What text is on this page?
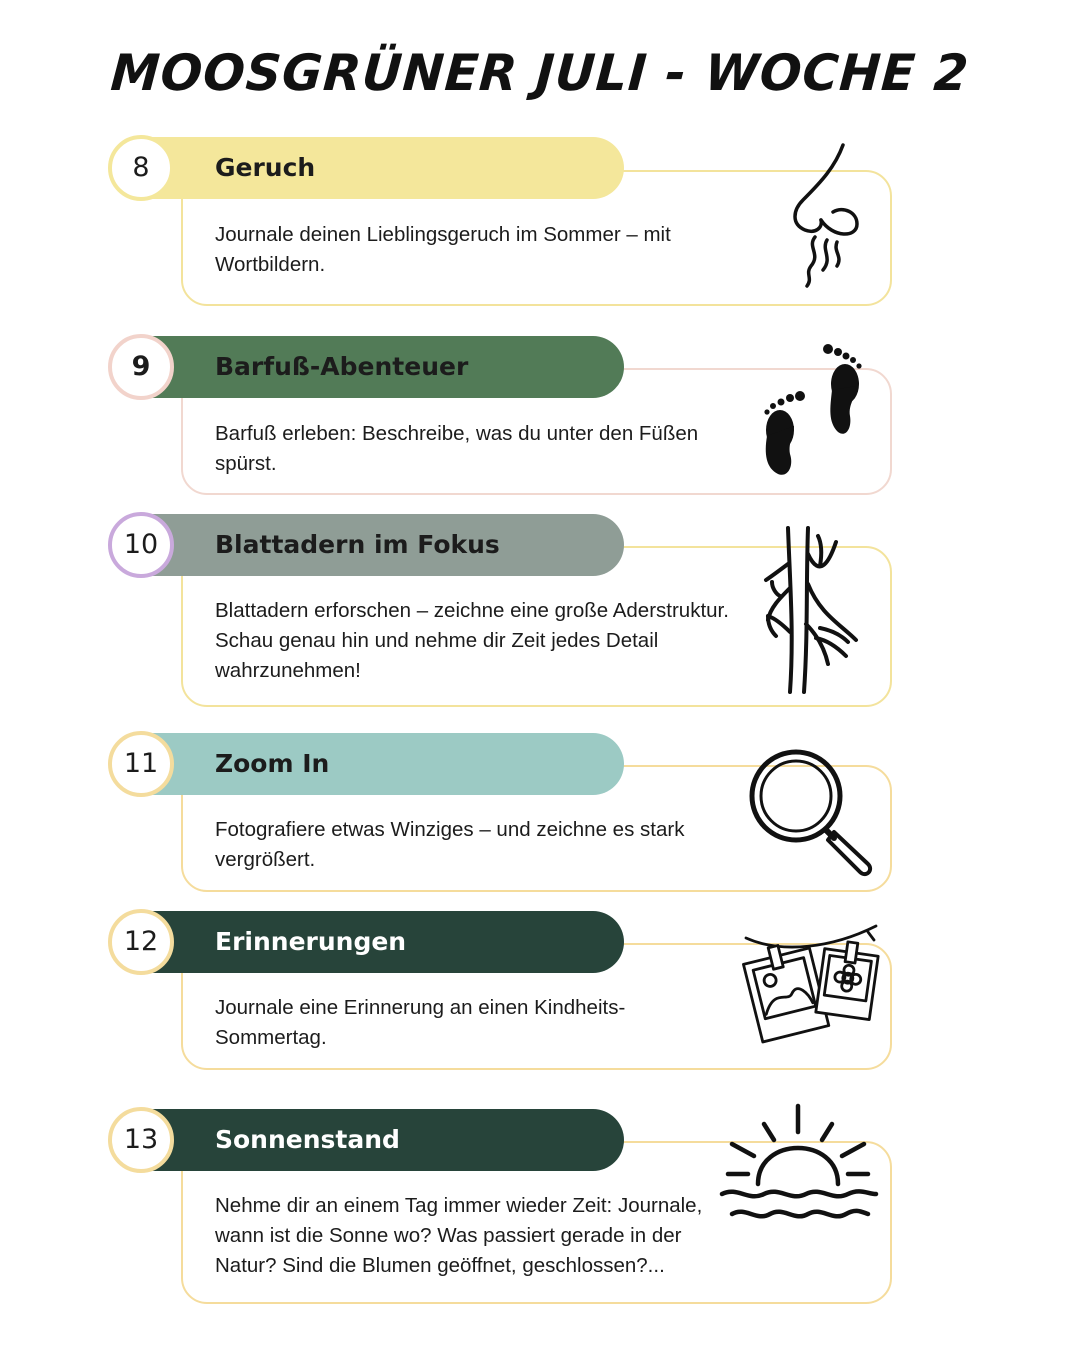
MOOSGRÜNER JULI - WOCHE 2
Geruch
8
Journale deinen Lieblingsgeruch im Sommer – mit Wortbildern.
Barfuß-Abenteuer
9
Barfuß erleben: Beschreibe, was du unter den Füßen spürst.
Blattadern im Fokus
10
Blattadern erforschen – zeichne eine große Aderstruktur. Schau genau hin und nehme dir Zeit jedes Detail wahrzunehmen!
Zoom In
11
Fotografiere etwas Winziges – und zeichne es stark vergrößert.
Erinnerungen
12
Journale eine Erinnerung an einen Kindheits-Sommertag.
Sonnenstand
13
Nehme dir an einem Tag immer wieder Zeit: Journale, wann ist die Sonne wo? Was passiert gerade in der Natur? Sind die Blumen geöffnet, geschlossen?...
